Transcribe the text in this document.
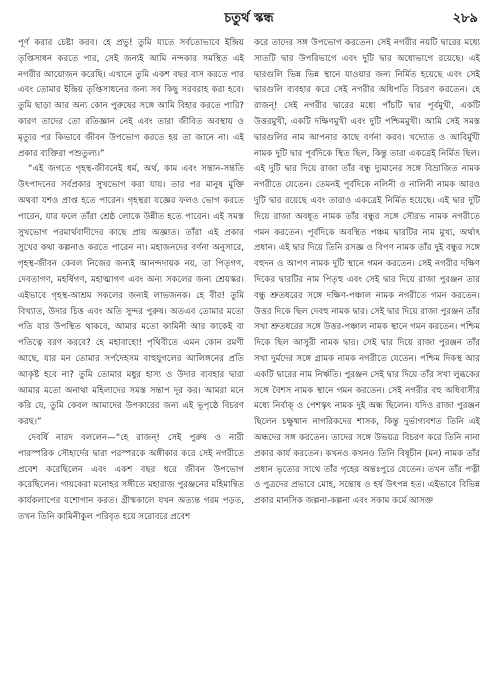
চতুর্থ স্কন্ধ	২৮৯

পূর্ণ করার চেষ্টা করব। হে প্রভু! তুমি যাতে সর্বতোভাবে ইন্দ্রিয় তৃপ্তিসাধন করতে পার, সেই জন্যই আমি নন্দকার সমস্থিত এই নগরীর আয়োজন করেছি। এখানে তুমি একশ বছর বাস করতে পার এবং তোমার ইন্দ্রিয় তৃপ্তিসাধনের জন্য সব কিছু সরবরাহ করা হবে। তুমি ছাড়া আর অন্য কোন পুরুষের সঙ্গে আমি বিহার করতে পারি? কারণ তাদের তো রতিজ্ঞান নেই এবং তারা জীবিত অবস্থায় ও মৃত্যুর পর কিভাবে জীবন উপভোগ করতে হয় তা জানে না। এই প্রকার ব্যক্তিরা পশুতুল্য।”

“এই জগতে গৃহস্থ-জীবনেই ধর্ম, অর্থ, কাম এবং সন্তান-সন্ততি উৎপাদনের সর্বপ্রকার সুখভোগ করা যায়। তার পর মানুষ মুক্তি অথবা যশও প্রাপ্ত হতে পারেন। গৃহস্থরা যজ্ঞের ফলও ভোগ করতে পারেন, যার ফলে তাঁরা শ্রেষ্ঠ লোকে উন্নীত হতে পারেন। এই সমস্ত সুখভোগ পরমার্থবাদীদের কাছে প্রায় অজ্ঞাত। তাঁরা এই প্রকার সুখের কথা কল্পনাও করতে পারেন না। মহাজনদের বর্ণনা অনুসারে, গৃহস্থ-জীবন কেবল নিজের জন্যই আনন্দদায়ক নয়, তা পিতৃগণ, দেবতাগণ, মহর্ষিগণ, মহাত্মাগণ এবং অন্য সকলের জন্য শ্রেয়স্কর। এইভাবে গৃহস্থ-আশ্রম সকলের জন্যই লাভজনক। হে বীর! তুমি বিখ্যাত, উদার চিত্ত এবং অতি সুন্দর পুরুষ। অতএব তোমার মতো পতি যার উপস্থিত থাকবে, আমার মতো কামিনী আর কাকেই বা পতিত্বে বরণ করবে? হে মহাবাহো! পৃথিবীতে এমন কোন রমণী আছে, যার মন তোমার সর্পদেহসম বাহুযুগলের আলিঙ্গনের প্রতি আকৃষ্ট হবে না? তুমি তোমার মধুর হাস্য ও উদার ব্যবহার দ্বারা আমার মতো অনাথা মহিলাদের সমস্ত সন্তাপ দূর কর। আমরা মনে করি যে, তুমি কেবল আমাদের উপকারের জন্য এই ভূপৃষ্ঠে বিচরণ করছ।”

দেবর্ষি নারদ বললেন—“হে রাজন্! সেই পুরুষ ও নারী পারস্পরিক সৌহার্দের দ্বারা পরস্পরকে অঙ্গীকার করে সেই নগরীতে প্রবেশ করেছিলেন এবং একশ বছর ধরে জীবন উপভোগ করেছিলেন। গায়কেরা মনোহর সঙ্গীতে মহারাজ পুরঞ্জনের মহিমান্বিত কার্যকলাপের যশোগান করত। গ্রীষ্মকালে যখন অত্যন্ত গরম পড়ত, তখন তিনি কামিনীকুল পরিবৃত হয়ে সরোবরে প্রবেশ

করে তাদের সঙ্গ উপভোগ করতেন। সেই নগরীর নয়টি দ্বারের মধ্যে সাতটি দ্বার উপরিভাগে এবং দুটি দ্বার অধোভাগে রয়েছে। এই দ্বারগুলি ভিন্ন ভিন্ন স্থানে যাওয়ার জন্য নির্মিত হয়েছে এবং সেই দ্বারগুলি ব্যবহার করে সেই নগরীর অধিপতি বিচরণ করতেন। হে রাজন্! সেই নগরীর দ্বারের মধ্যে পাঁচটি দ্বার পূর্বমুখী, একটি উত্তরমুখী, একটি দক্ষিণমুখী এবং দুটি পশ্চিমমুখী। আমি সেই সমস্ত দ্বারগুলির নাম আপনার কাছে বর্ণনা করব। খদ্যোত ও আবির্মুখী নামক দুটি দ্বার পূর্বদিকে স্থিত ছিল, কিন্তু তারা একত্রেই নির্মিত ছিল। এই দুটি দ্বার দিয়ে রাজা তাঁর বন্ধু দ্যুমানের সঙ্গে বিভ্রাজিত নামক নগরীতে যেতেন। তেমনই পূর্বদিকে নলিনী ও নালিনী নামক আরও দুটি দ্বার রয়েছে এবং তারাও একত্রেই নির্মিত হয়েছে। এই দ্বার দুটি দিয়ে রাজা অবধূত নামক তাঁর বন্ধুর সঙ্গে সৌরভ নামক নগরীতে গমন করতেন। পূর্বদিকে অবস্থিত পঞ্চম দ্বারটির নাম মুখ্য, অর্থাৎ প্রধান। এই দ্বার দিয়ে তিনি রসজ্ঞ ও বিপণ নামক তাঁর দুই বন্ধুর সঙ্গে বহুদন ও আপণ নামক দুটি স্থানে গমন করতেন। সেই নগরীর দক্ষিণ দিকের দ্বারটির নাম পিতৃহু এবং সেই দ্বার দিয়ে রাজা পুরঞ্জন তার বন্ধু শ্রুতধরের সঙ্গে দক্ষিণ-পঞ্চাল নামক নগরীতে গমন করতেন। উত্তর দিকে ছিল দেবহু নামক দ্বার। সেই দ্বার দিয়ে রাজা পুরঞ্জন তাঁর সখা শ্রুতধরের সঙ্গে উত্তর-পঞ্চাল নামক স্থানে গমন করতেন। পশ্চিম দিকে ছিল আসুরী নামক দ্বার। সেই দ্বার দিয়ে রাজা পুরঞ্জন তাঁর সখা দুর্মদের সঙ্গে গ্রামক নামক নগরীতে যেতেন। পশ্চিম দিকস্থ আর একটি দ্বারের নাম নির্ঋতি। পুরঞ্জন সেই দ্বার দিয়ে তাঁর সখা লুব্ধকের সঙ্গে বৈশস নামক স্থানে গমন করতেন। সেই নগরীর বহু অধিবাসীর মধ্যে নির্বাক্ ও পেশস্কৃৎ নামক দুই অন্ধ ছিলেন। যদিও রাজা পুরঞ্জন ছিলেন চক্ষুষ্মান নাগরিকদের শাসক, কিন্তু দুর্ভাগ্যবশত তিনি এই অন্ধদের সঙ্গ করতেন। তাদের সঙ্গে উভয়ত্র বিচরণ করে তিনি নানা প্রকার কার্য করতেন। কখনও কখনও তিনি বিষূচীন (মন) নামক তাঁর প্রধান ভৃত্যের সাথে তাঁর গৃহের অন্তঃপুরে যেতেন। তখন তাঁর পত্নী ও পুত্রদের প্রভাবে মোহ, সন্তোষ ও হর্ষ উৎপন্ন হত। এইভাবে বিভিন্ন প্রকার মানসিক জল্পনা-কল্পনা এবং সকাম কর্মে আসক্ত
